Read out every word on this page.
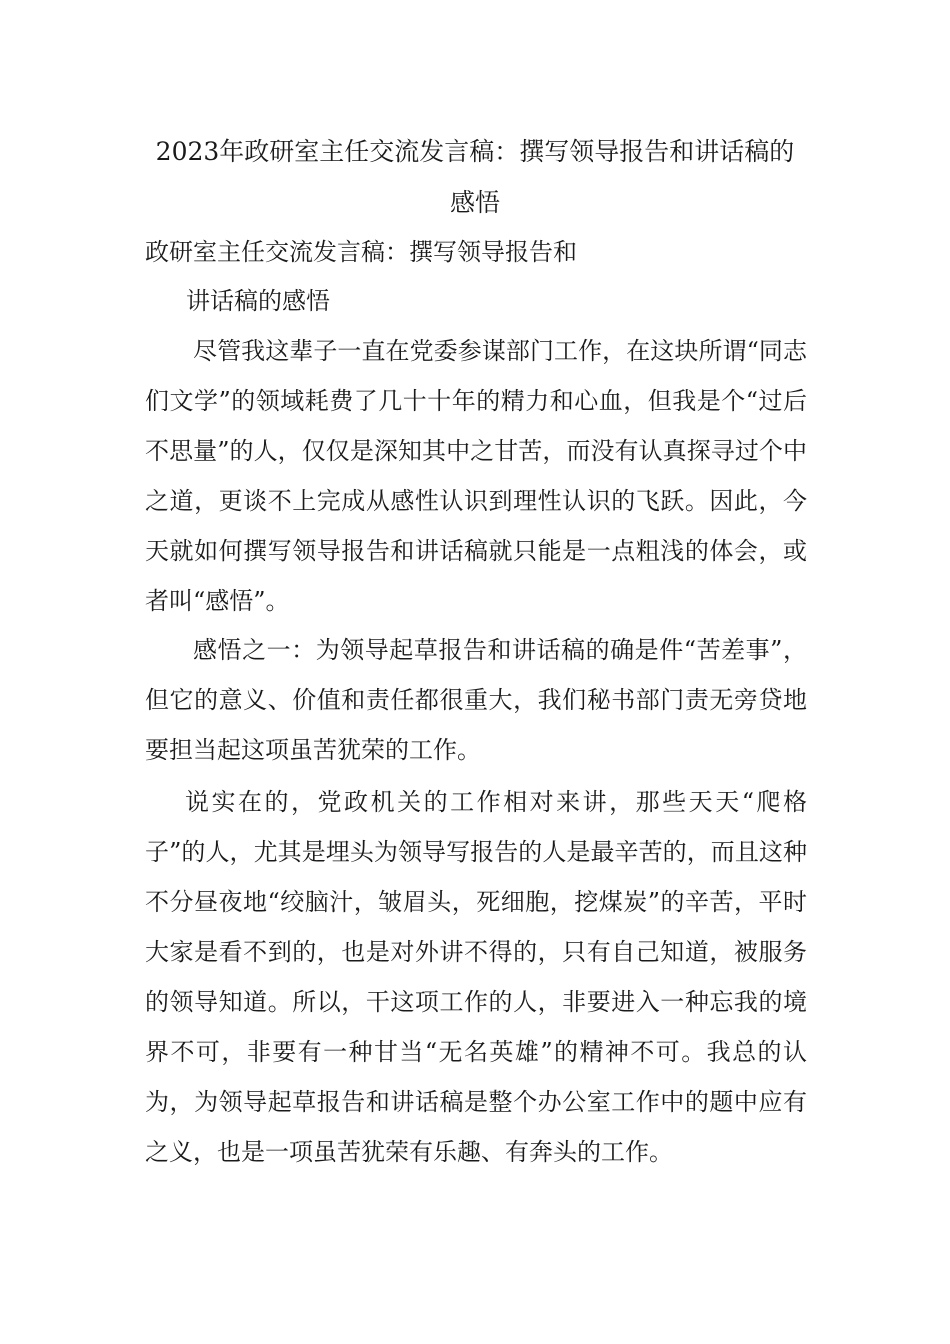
2023年政研室主任交流发言稿：撰写领导报告和讲话稿的
感悟
政研室主任交流发言稿：撰写领导报告和
讲话稿的感悟

尽管我这辈子一直在党委参谋部门工作，在这块所谓“同志们文学”的领域耗费了几十十年的精力和心血，但我是个“过后不思量”的人，仅仅是深知其中之甘苦，而没有认真探寻过个中之道，更谈不上完成从感性认识到理性认识的飞跃。因此，今天就如何撰写领导报告和讲话稿就只能是一点粗浅的体会，或者叫“感悟”。

感悟之一：为领导起草报告和讲话稿的确是件“苦差事”，但它的意义、价值和责任都很重大，我们秘书部门责无旁贷地要担当起这项虽苦犹荣的工作。

说实在的，党政机关的工作相对来讲，那些天天“爬格子”的人，尤其是埋头为领导写报告的人是最辛苦的，而且这种不分昼夜地“绞脑汁，皱眉头，死细胞，挖煤炭”的辛苦，平时大家是看不到的，也是对外讲不得的，只有自己知道，被服务的领导知道。所以，干这项工作的人，非要进入一种忘我的境界不可，非要有一种甘当“无名英雄”的精神不可。我总的认为，为领导起草报告和讲话稿是整个办公室工作中的题中应有之义，也是一项虽苦犹荣有乐趣、有奔头的工作。
